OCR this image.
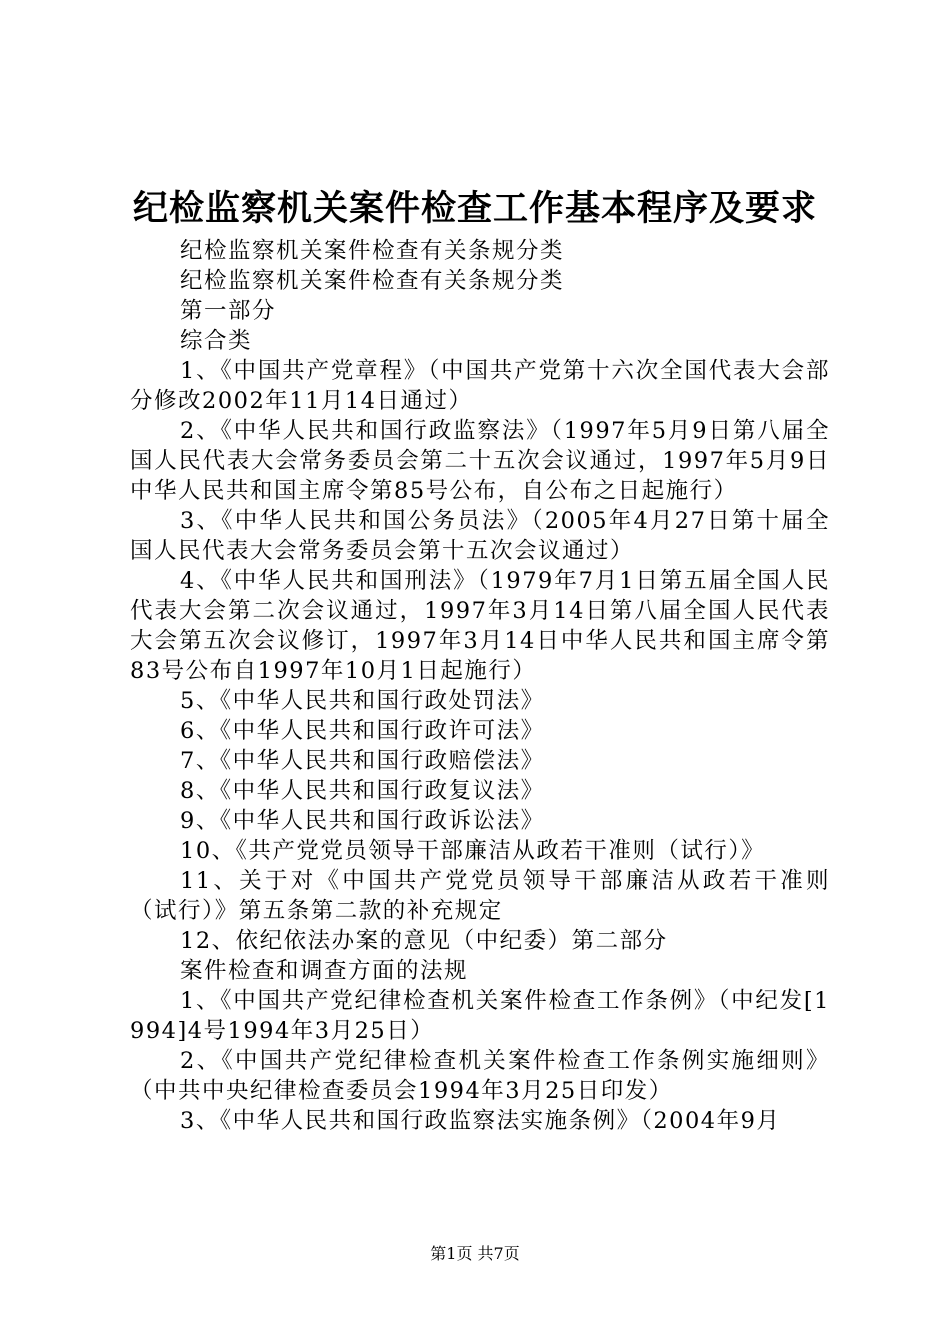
纪检监察机关案件检查工作基本程序及要求

纪检监察机关案件检查有关条规分类

纪检监察机关案件检查有关条规分类

第一部分

综合类

1、《中国共产党章程》（中国共产党第十六次全国代表大会部分修改2002年11月14日通过）

2、《中华人民共和国行政监察法》（1997年5月9日第八届全国人民代表大会常务委员会第二十五次会议通过，1997年5月9日中华人民共和国主席令第85号公布，自公布之日起施行）

3、《中华人民共和国公务员法》（2005年4月27日第十届全国人民代表大会常务委员会第十五次会议通过）

4、《中华人民共和国刑法》（1979年7月1日第五届全国人民代表大会第二次会议通过，1997年3月14日第八届全国人民代表大会第五次会议修订，1997年3月14日中华人民共和国主席令第83号公布自1997年10月1日起施行）

5、《中华人民共和国行政处罚法》

6、《中华人民共和国行政许可法》

7、《中华人民共和国行政赔偿法》

8、《中华人民共和国行政复议法》

9、《中华人民共和国行政诉讼法》

10、《共产党党员领导干部廉洁从政若干准则（试行）》

11、关于对《中国共产党党员领导干部廉洁从政若干准则（试行）》第五条第二款的补充规定

12、依纪依法办案的意见（中纪委）第二部分

案件检查和调查方面的法规

1、《中国共产党纪律检查机关案件检查工作条例》（中纪发[1994]4号1994年3月25日）

2、《中国共产党纪律检查机关案件检查工作条例实施细则》（中共中央纪律检查委员会1994年3月25日印发）

3、《中华人民共和国行政监察法实施条例》（2004年9月

第1页 共7页
